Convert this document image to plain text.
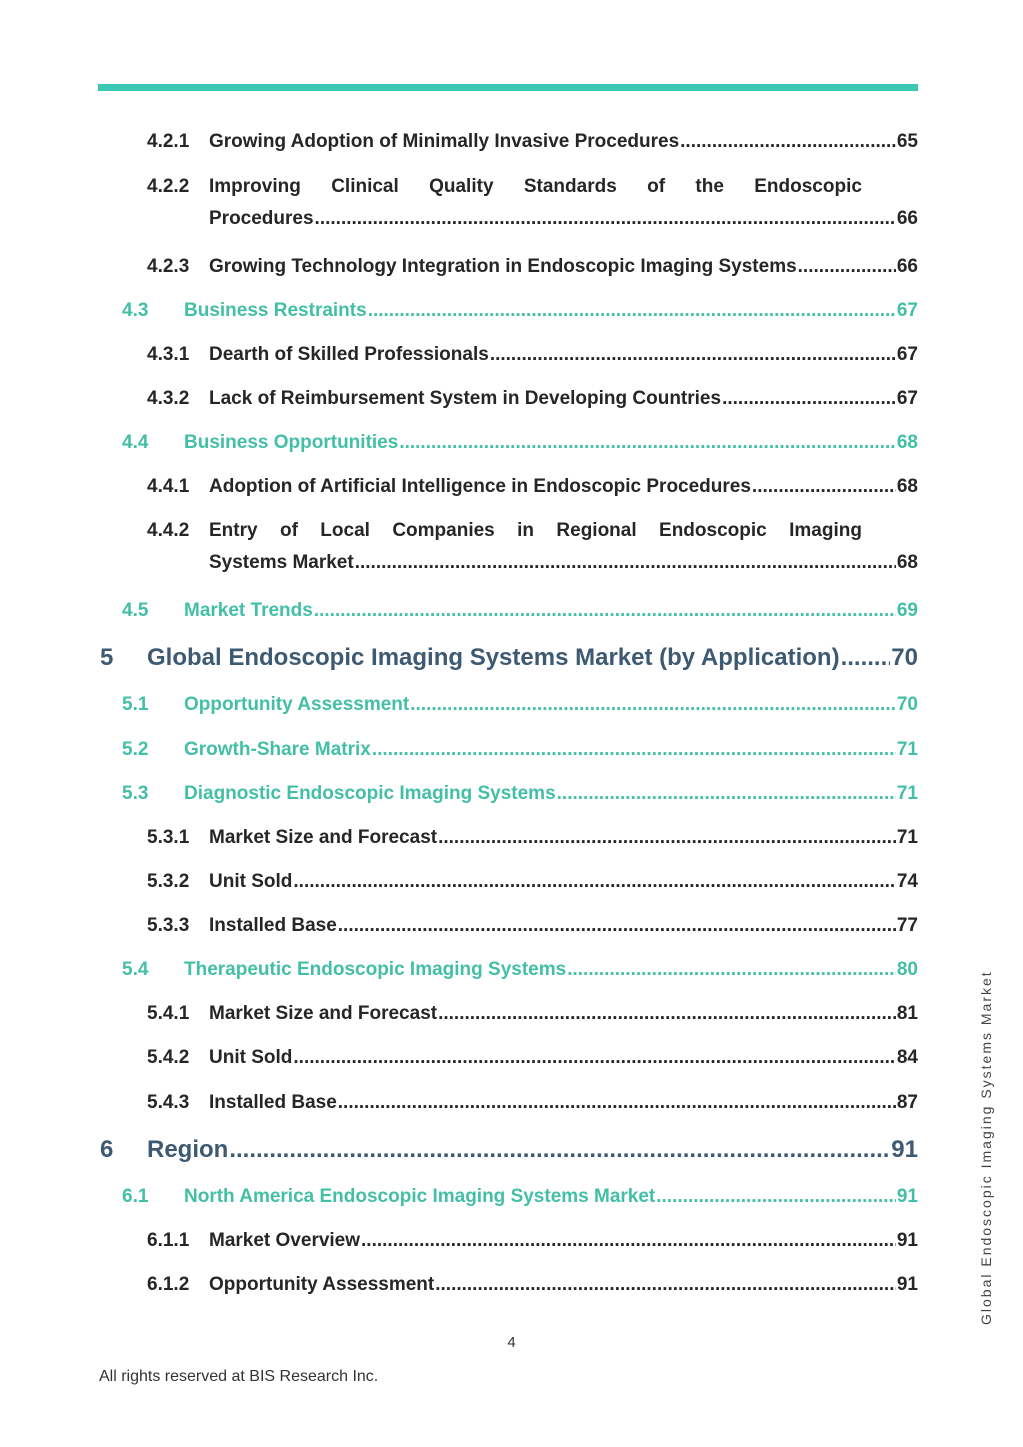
4.2.1	Growing Adoption of Minimally Invasive Procedures .....	65
4.2.2	Improving Clinical Quality Standards of the Endoscopic
Procedures .....	66
4.2.3	Growing Technology Integration in Endoscopic Imaging Systems .....	66
4.3	Business Restraints .....	67
4.3.1	Dearth of Skilled Professionals .....	67
4.3.2	Lack of Reimbursement System in Developing Countries .....	67
4.4	Business Opportunities .....	68
4.4.1	Adoption of Artificial Intelligence in Endoscopic Procedures .....	68
4.4.2	Entry of Local Companies in Regional Endoscopic Imaging
Systems Market .....	68
4.5	Market Trends .....	69
5	Global Endoscopic Imaging Systems Market (by Application) ..... 70
5.1	Opportunity Assessment .....	70
5.2	Growth-Share Matrix .....	71
5.3	Diagnostic Endoscopic Imaging Systems .....	71
5.3.1	Market Size and Forecast .....	71
5.3.2	Unit Sold .....	74
5.3.3	Installed Base .....	77
5.4	Therapeutic Endoscopic Imaging Systems .....	80
5.4.1	Market Size and Forecast .....	81
5.4.2	Unit Sold .....	84
5.4.3	Installed Base .....	87
6	Region .....	91
6.1	North America Endoscopic Imaging Systems Market .....	91
6.1.1	Market Overview .....	91
6.1.2	Opportunity Assessment .....	91
4
All rights reserved at BIS Research Inc.
Global Endoscopic Imaging Systems Market
